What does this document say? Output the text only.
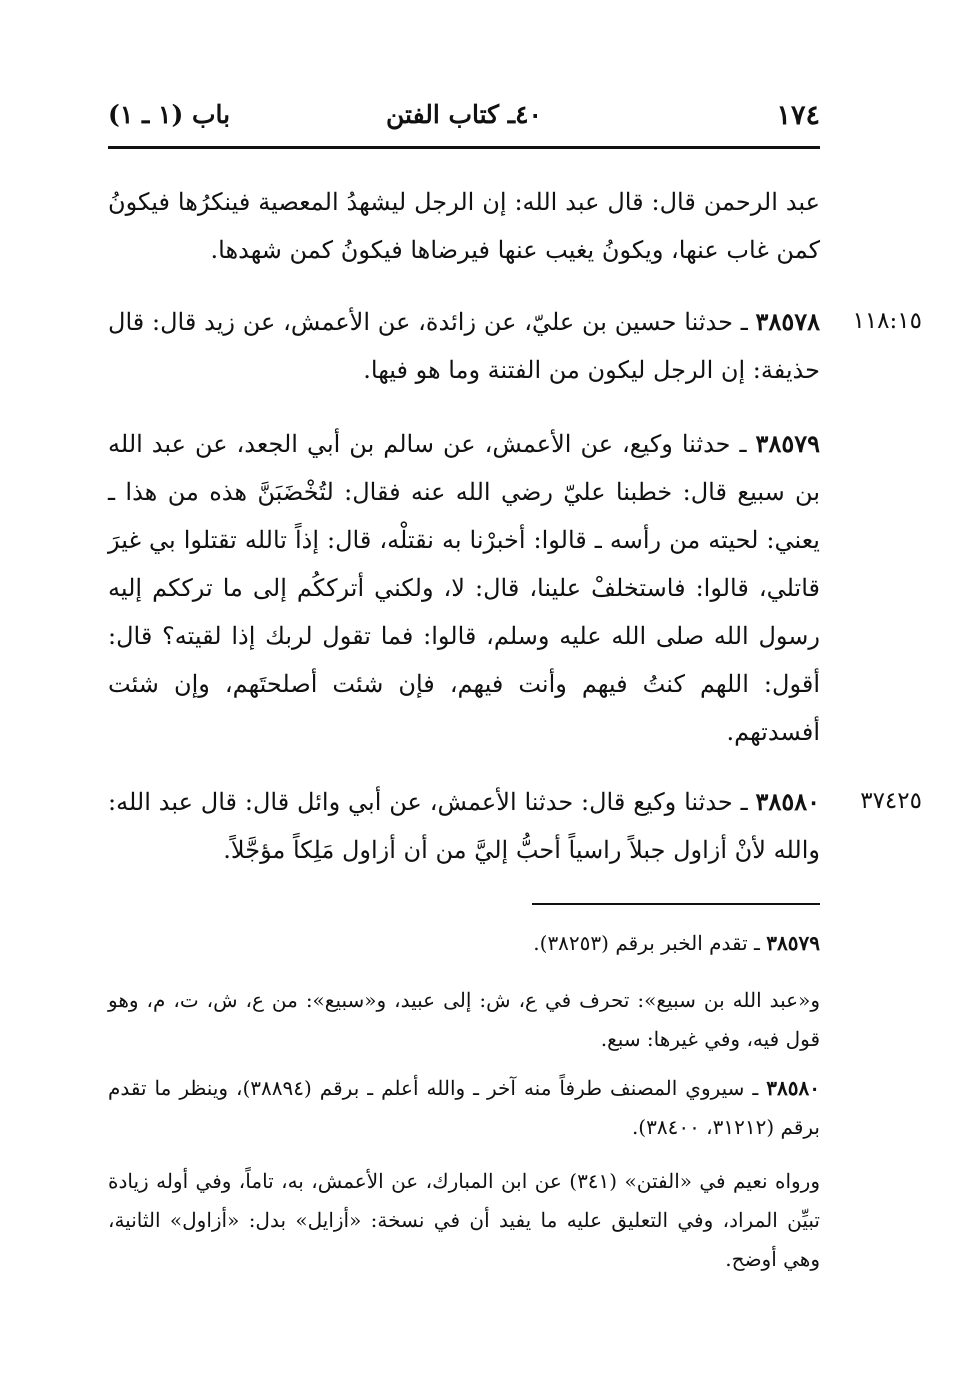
١٧٤
٤٠ـ كتاب الفتن
باب (١ ـ ١)

عبد الرحمن قال: قال عبد الله: إن الرجل ليشهدُ المعصية فينكرُها فيكونُ كمن غاب عنها، ويكونُ يغيب عنها فيرضاها فيكونُ كمن شهدها.

١١٨:١٥

٣٨٥٧٨ ـ حدثنا حسين بن عليّ، عن زائدة، عن الأعمش، عن زيد قال: قال حذيفة: إن الرجل ليكون من الفتنة وما هو فيها.

٣٨٥٧٩ ـ حدثنا وكيع، عن الأعمش، عن سالم بن أبي الجعد، عن عبد الله بن سبيع قال: خطبنا عليّ رضي الله عنه فقال: لتُخْضَبَنَّ هذه من هذا ـ يعني: لحيته من رأسه ـ قالوا: أخبرْنا به نقتلْه، قال: إذاً تالله تقتلوا بي غيرَ قاتلي، قالوا: فاستخلفْ علينا، قال: لا، ولكني أترككُم إلى ما ترككم إليه رسول الله صلى الله عليه وسلم، قالوا: فما تقول لربك إذا لقيته؟ قال: أقول: اللهم كنتُ فيهم وأنت فيهم، فإن شئت أصلحتَهم، وإن شئت أفسدتهم.

٣٧٤٢٥

٣٨٥٨٠ ـ حدثنا وكيع قال: حدثنا الأعمش، عن أبي وائل قال: قال عبد الله: والله لأنْ أزاول جبلاً راسياً أحبُّ إليَّ من أن أزاول مَلِكاً مؤجَّلاً.

٣٨٥٧٩ ـ تقدم الخبر برقم (٣٨٢٥٣).

و«عبد الله بن سبيع»: تحرف في ع، ش: إلى عبيد، و«سبيع»: من ع، ش، ت، م، وهو قول فيه، وفي غيرها: سبع.

٣٨٥٨٠ ـ سيروي المصنف طرفاً منه آخر ـ والله أعلم ـ برقم (٣٨٨٩٤)، وينظر ما تقدم برقم (٣١٢١٢، ٣٨٤٠٠).

ورواه نعيم في «الفتن» (٣٤١) عن ابن المبارك، عن الأعمش، به، تاماً، وفي أوله زيادة تبيِّن المراد، وفي التعليق عليه ما يفيد أن في نسخة: «أزايل» بدل: «أزاول» الثانية، وهي أوضح.
